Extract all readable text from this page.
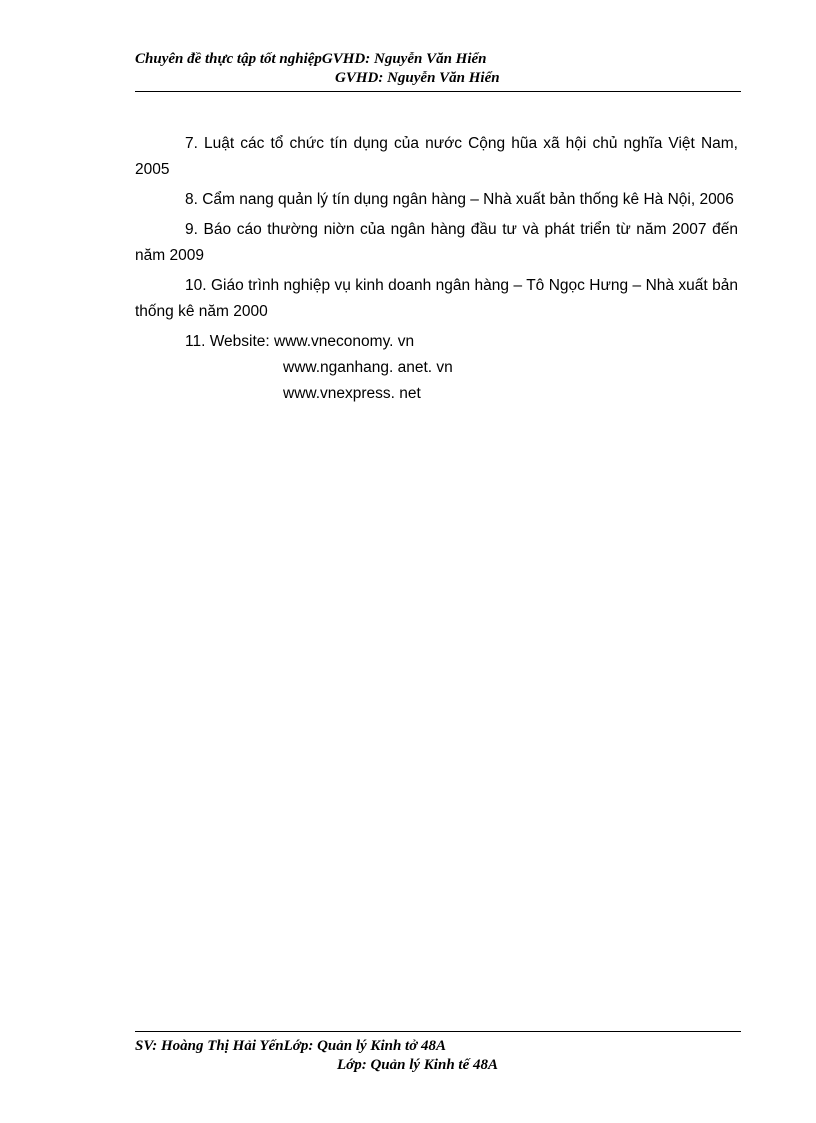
Chuyên đề thực tập tốt nghiệpGVHD: Nguyễn Văn Hiển
GVHD: Nguyễn Văn Hiển

7. Luật các tổ chức tín dụng của nước Cộng hũa xã hội chủ nghĩa Việt Nam, 2005

8. Cẩm nang quản lý tín dụng ngân hàng – Nhà xuất bản thống kê Hà Nội, 2006

9. Báo cáo thường niờn của ngân hàng đầu tư và phát triển từ năm 2007 đến năm 2009

10. Giáo trình nghiệp vụ kinh doanh ngân hàng – Tô Ngọc Hưng – Nhà xuất bản thống kê năm 2000

11. Website: www.vneconomy. vn

www.nganhang. anet. vn

www.vnexpress. net

SV: Hoàng Thị Hải YếnLớp: Quản lý Kinh tở 48A
Lớp: Quản lý Kinh tế 48A
